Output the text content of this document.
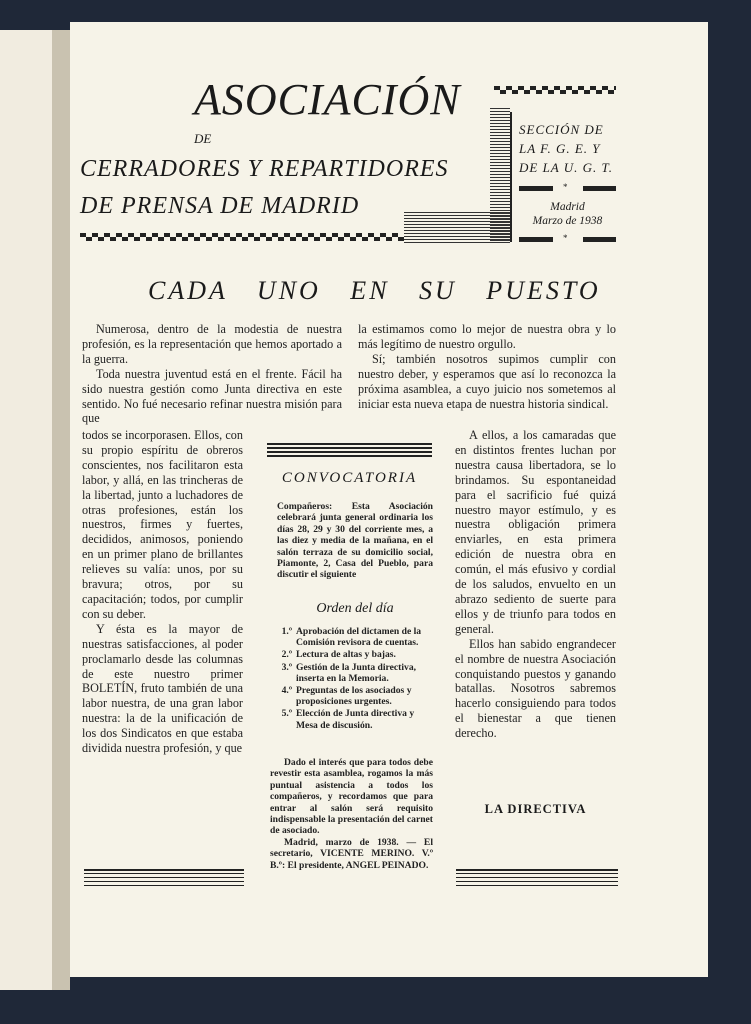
ASOCIACIÓN
DE
CERRADORES Y REPARTIDORES
DE PRENSA DE MADRID
SECCIÓN DE
LA F. G. E. Y
DE LA U. G. T.
*
Madrid
Marzo de 1938
*
CADA UNO EN SU PUESTO

Numerosa, dentro de la modestia de nuestra profesión, es la representación que hemos aportado a la guerra.

Toda nuestra juventud está en el frente. Fácil ha sido nuestra gestión como Junta directiva en este sentido. No fué necesario refinar nuestra misión para que

todos se incorporasen. Ellos, con su propio espíritu de obreros conscientes, nos facilitaron esta labor, y allá, en las trincheras de la libertad, junto a luchadores de otras profesiones, están los nuestros, firmes y fuertes, decididos, animosos, poniendo en un primer plano de brillantes relieves su valía: unos, por su bravura; otros, por su capacitación; todos, por cumplir con su deber.

Y ésta es la mayor de nuestras satisfacciones, al poder proclamarlo desde las columnas de este nuestro primer BOLETÍN, fruto también de una labor nuestra, de una gran labor nuestra: la de la unificación de los dos Sindicatos en que estaba dividida nuestra profesión, y que

la estimamos como lo mejor de nuestra obra y lo más legítimo de nuestro orgullo.

Sí; también nosotros supimos cumplir con nuestro deber, y esperamos que así lo reconozca la próxima asamblea, a cuyo juicio nos sometemos al iniciar esta nueva etapa de nuestra historia sindical.

A ellos, a los camaradas que en distintos frentes luchan por nuestra causa libertadora, se lo brindamos. Su espontaneidad para el sacrificio fué quizá nuestro mayor estímulo, y es nuestra obligación primera enviarles, en esta primera edición de nuestra obra en común, el más efusivo y cordial de los saludos, envuelto en un abrazo sediento de suerte para ellos y de triunfo para todos en general.

Ellos han sabido engrandecer el nombre de nuestra Asociación conquistando puestos y ganando batallas. Nosotros sabremos hacerlo consiguiendo para todos el bienestar a que tienen derecho.

LA DIRECTIVA
CONVOCATORIA

Compañeros: Esta Asociación celebrará junta general ordinaria los días 28, 29 y 30 del corriente mes, a las diez y media de la mañana, en el salón terraza de su domicilio social, Piamonte, 2, Casa del Pueblo, para discutir el siguiente

Orden del día
1.º Aprobación del dictamen de la Comisión revisora de cuentas.
2.º Lectura de altas y bajas.
3.º Gestión de la Junta directiva, inserta en la Memoria.
4.º Preguntas de los asociados y proposiciones urgentes.
5.º Elección de Junta directiva y Mesa de discusión.

Dado el interés que para todos debe revestir esta asamblea, rogamos la más puntual asistencia a todos los compañeros, y recordamos que para entrar al salón será requisito indispensable la presentación del carnet de asociado.

Madrid, marzo de 1938. — El secretario, VICENTE MERINO. V.º B.º: El presidente, ANGEL PEINADO.
